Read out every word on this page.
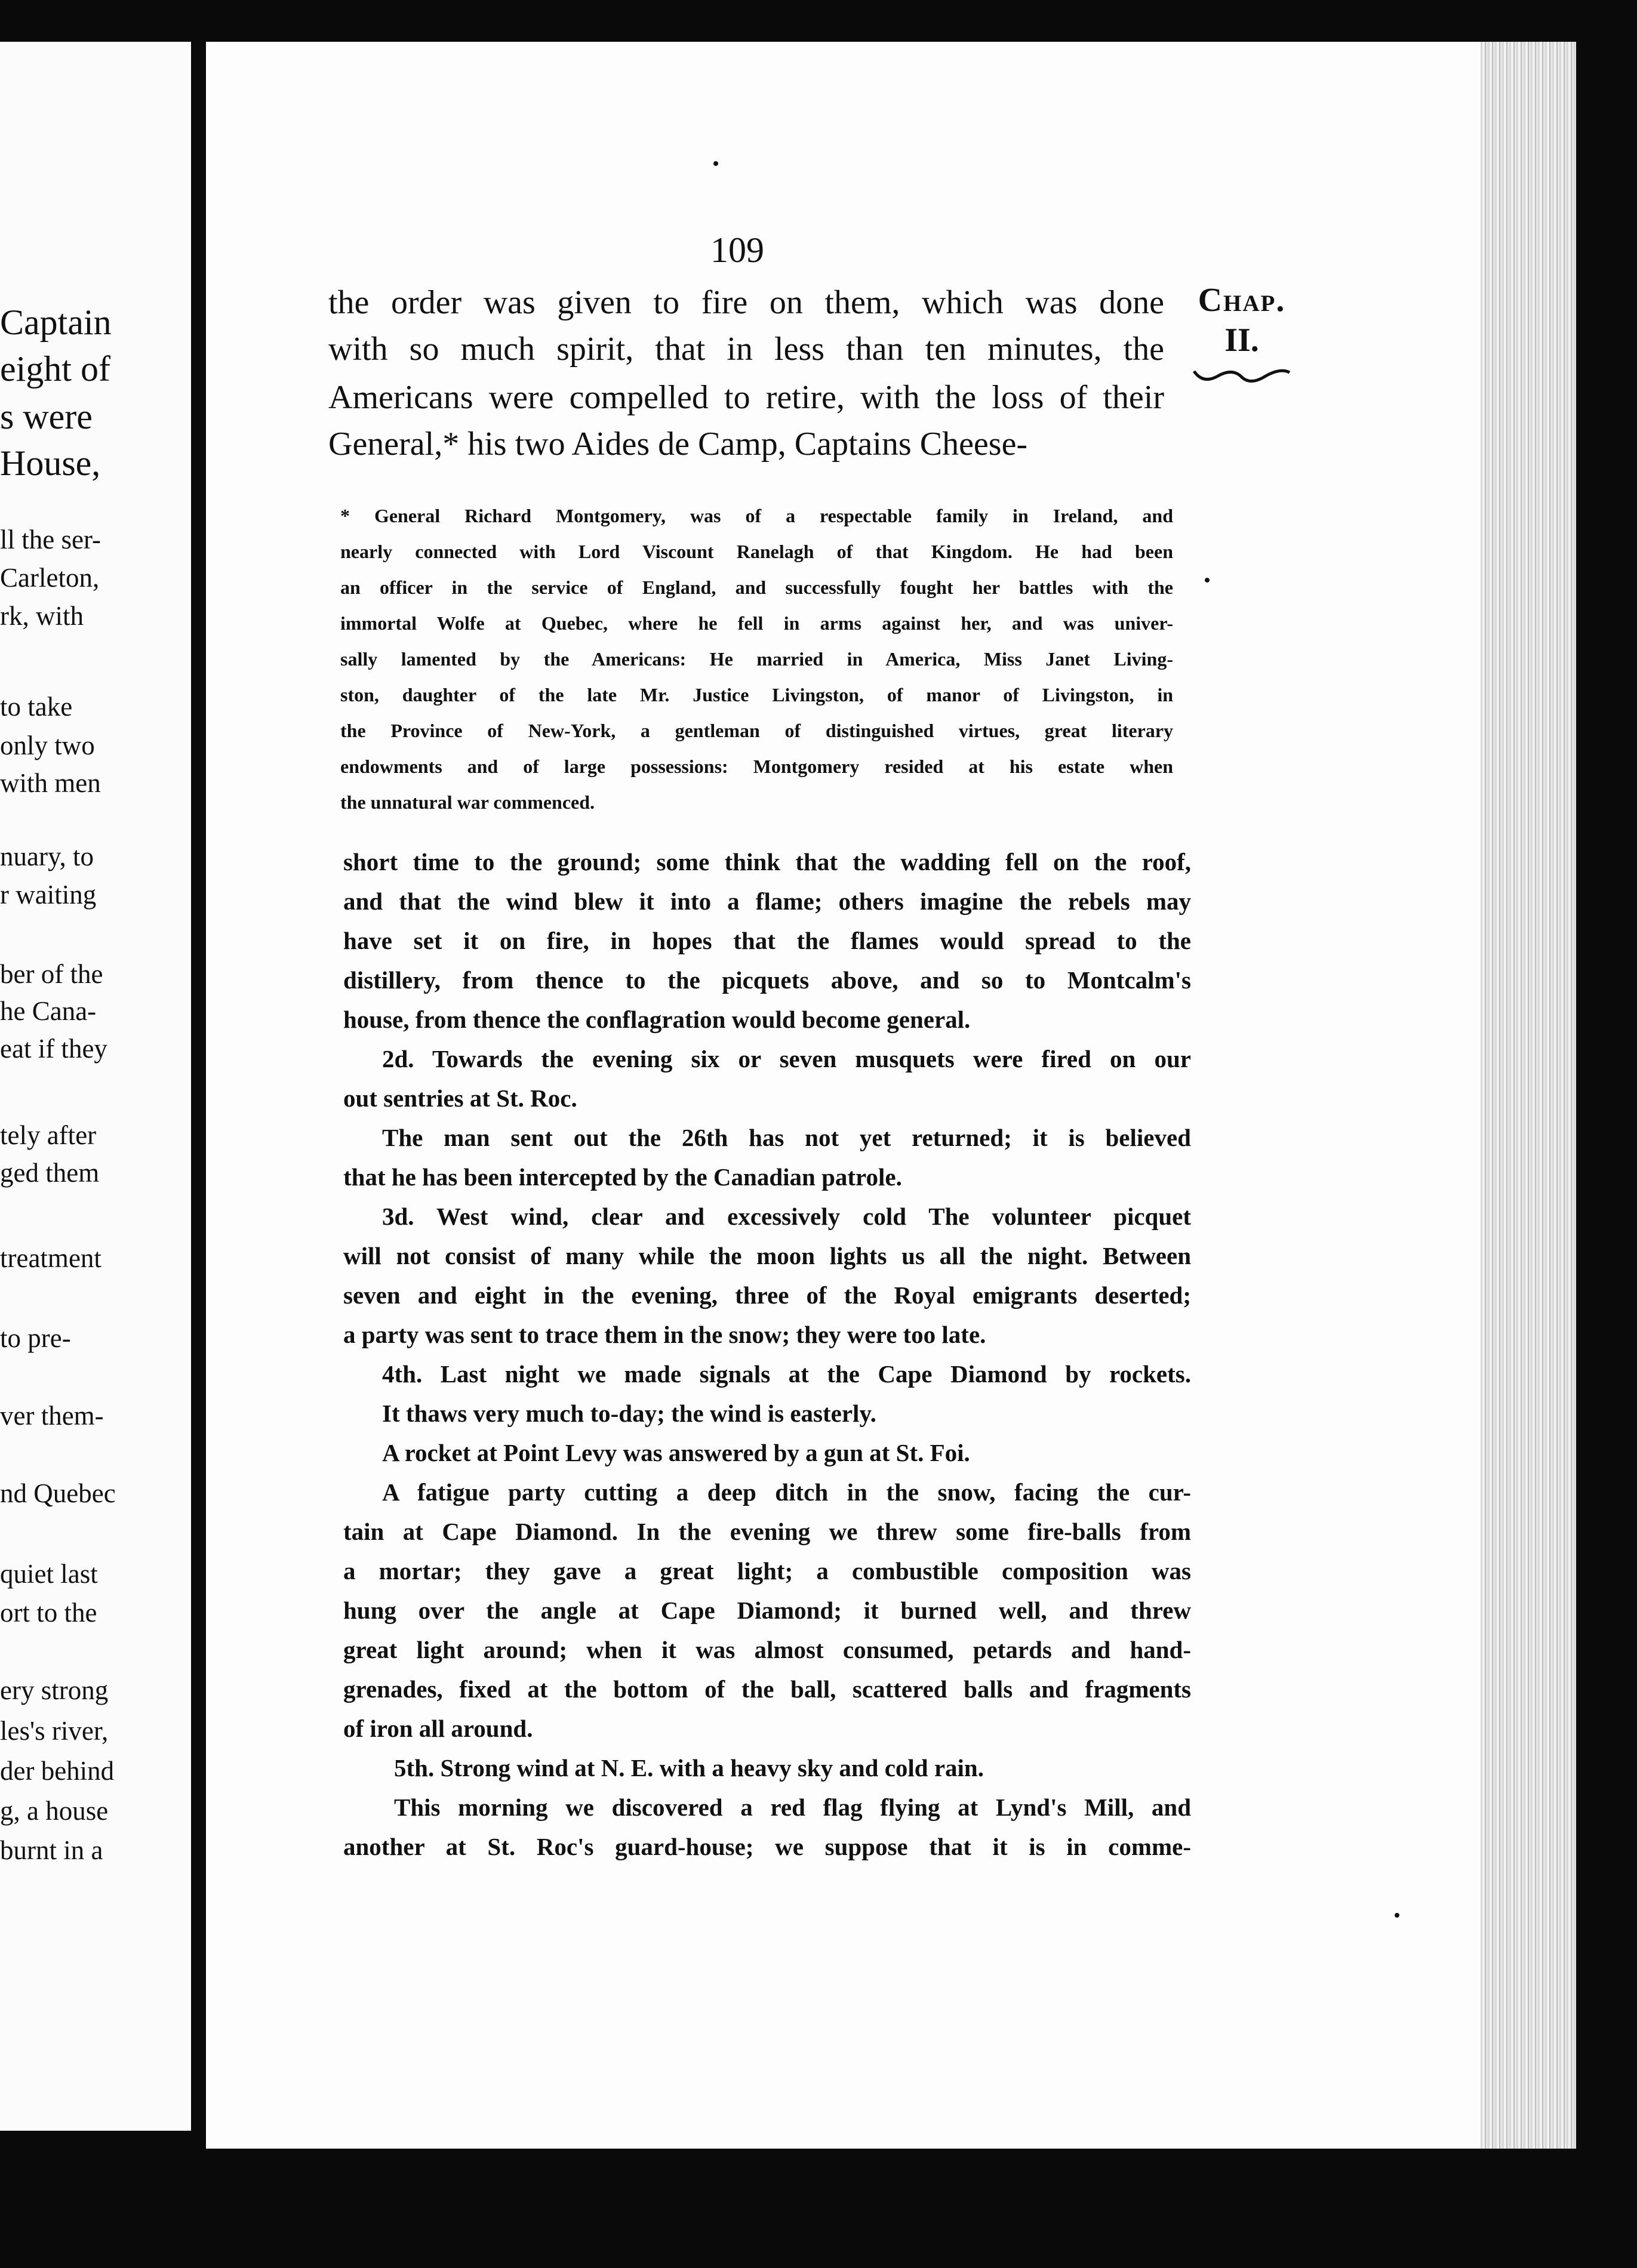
Captain
eight of
s were
House,
ll the ser-
Carleton,
rk, with
to take
only two
with men
nuary, to
r waiting
ber of the
he Cana-
eat if they
tely after
ged them
treatment
to pre-
ver them-
nd Quebec
quiet last
ort to the
ery strong
les's river,
der behind
g, a house
burnt in a
109
Chap.
II.
the order was given to fire on them, which was done
with so much spirit, that in less than ten minutes, the
Americans were compelled to retire, with the loss of their
General,* his two Aides de Camp, Captains Cheese-
* General Richard Montgomery, was of a respectable family in Ireland, and
nearly connected with Lord Viscount Ranelagh of that Kingdom. He had been
an officer in the service of England, and successfully fought her battles with the
immortal Wolfe at Quebec, where he fell in arms against her, and was univer-
sally lamented by the Americans: He married in America, Miss Janet Living-
ston, daughter of the late Mr. Justice Livingston, of manor of Livingston, in
the Province of New-York, a gentleman of distinguished virtues, great literary
endowments and of large possessions: Montgomery resided at his estate when
the unnatural war commenced.
short time to the ground; some think that the wadding fell on the roof,
and that the wind blew it into a flame; others imagine the rebels may
have set it on fire, in hopes that the flames would spread to the
distillery, from thence to the picquets above, and so to Montcalm's
house, from thence the conflagration would become general.
2d. Towards the evening six or seven musquets were fired on our
out sentries at St. Roc.
The man sent out the 26th has not yet returned; it is believed
that he has been intercepted by the Canadian patrole.
3d. West wind, clear and excessively cold The volunteer picquet
will not consist of many while the moon lights us all the night. Between
seven and eight in the evening, three of the Royal emigrants deserted;
a party was sent to trace them in the snow; they were too late.
4th. Last night we made signals at the Cape Diamond by rockets.
It thaws very much to-day; the wind is easterly.
A rocket at Point Levy was answered by a gun at St. Foi.
A fatigue party cutting a deep ditch in the snow, facing the cur-
tain at Cape Diamond. In the evening we threw some fire-balls from
a mortar; they gave a great light; a combustible composition was
hung over the angle at Cape Diamond; it burned well, and threw
great light around; when it was almost consumed, petards and hand-
grenades, fixed at the bottom of the ball, scattered balls and fragments
of iron all around.
5th. Strong wind at N. E. with a heavy sky and cold rain.
This morning we discovered a red flag flying at Lynd's Mill, and
another at St. Roc's guard-house; we suppose that it is in comme-
